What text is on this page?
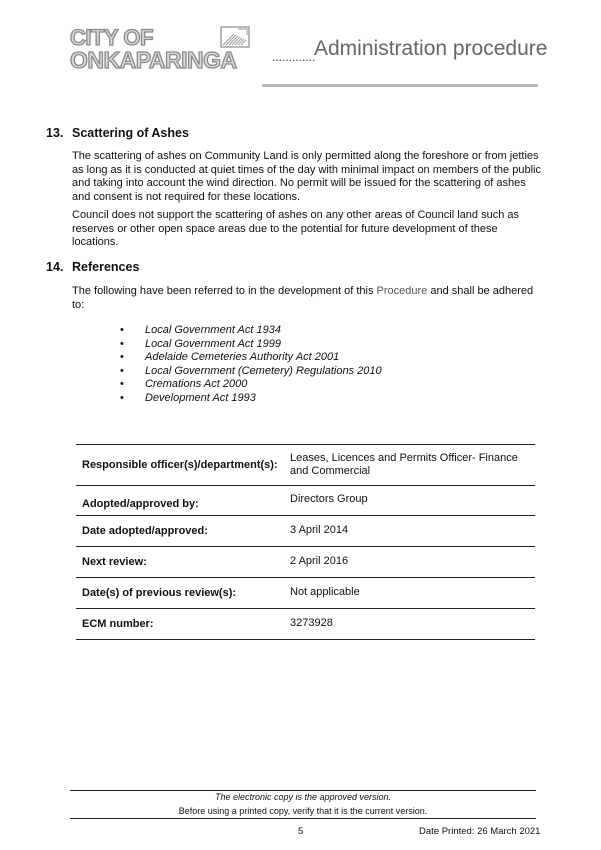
CITY OF
ONKAPARINGA	.............
Administration procedure
13. Scattering of Ashes
The scattering of ashes on Community Land is only permitted along the foreshore or from jetties as long as it is conducted at quiet times of the day with minimal impact on members of the public and taking into account the wind direction. No permit will be issued for the scattering of ashes and consent is not required for these locations.
Council does not support the scattering of ashes on any other areas of Council land such as reserves or other open space areas due to the potential for future development of these locations.
14. References
The following have been referred to in the development of this Procedure and shall be adhered to:
• Local Government Act 1934
• Local Government Act 1999
• Adelaide Cemeteries Authority Act 2001
• Local Government (Cemetery) Regulations 2010
• Cremations Act 2000
• Development Act 1993
Responsible officer(s)/department(s):
Leases, Licences and Permits Officer- Finance and Commercial
Adopted/approved by:	Directors Group
Date adopted/approved:	3 April 2014
Next review:	2 April 2016
Date(s) of previous review(s):	Not applicable
ECM number:	3273928
The electronic copy is the approved version.
Before using a printed copy, verify that it is the current version.
5	Date Printed: 26 March 2021
